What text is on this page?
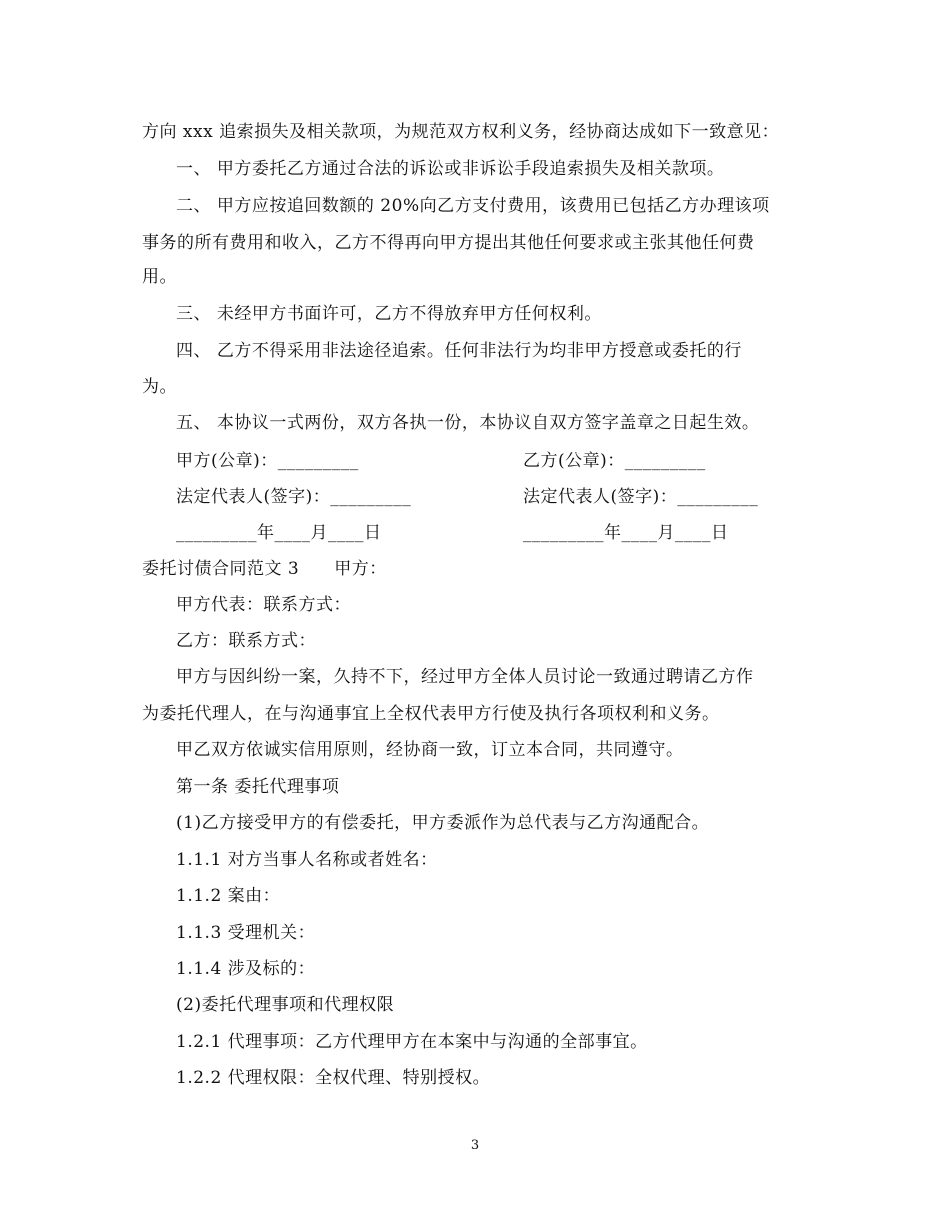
方向 xxx 追索损失及相关款项，为规范双方权利义务，经协商达成如下一致意见：
一、 甲方委托乙方通过合法的诉讼或非诉讼手段追索损失及相关款项。
二、 甲方应按追回数额的 20%向乙方支付费用，该费用已包括乙方办理该项
事务的所有费用和收入，乙方不得再向甲方提出其他任何要求或主张其他任何费
用。
三、 未经甲方书面许可，乙方不得放弃甲方任何权利。
四、 乙方不得采用非法途径追索。任何非法行为均非甲方授意或委托的行
为。
五、 本协议一式两份，双方各执一份，本协议自双方签字盖章之日起生效。
甲方(公章)：_________	乙方(公章)：_________
法定代表人(签字)：_________	法定代表人(签字)：_________
_________年____月____日	_________年____月____日
委托讨债合同范文 3　　甲方：
甲方代表：联系方式：
乙方：联系方式：
甲方与因纠纷一案，久持不下，经过甲方全体人员讨论一致通过聘请乙方作
为委托代理人，在与沟通事宜上全权代表甲方行使及执行各项权利和义务。
甲乙双方依诚实信用原则，经协商一致，订立本合同，共同遵守。
第一条 委托代理事项
(1)乙方接受甲方的有偿委托，甲方委派作为总代表与乙方沟通配合。
1.1.1 对方当事人名称或者姓名：
1.1.2 案由：
1.1.3 受理机关：
1.1.4 涉及标的：
(2)委托代理事项和代理权限
1.2.1 代理事项：乙方代理甲方在本案中与沟通的全部事宜。
1.2.2 代理权限：全权代理、特别授权。
3
